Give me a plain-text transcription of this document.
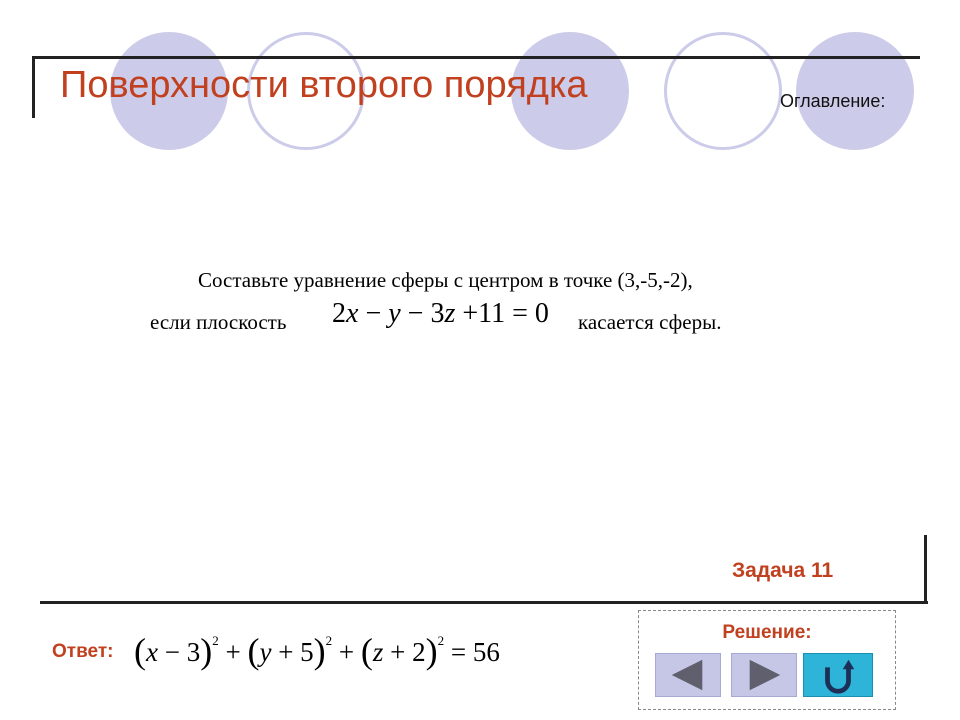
Поверхности второго порядка	Оглавление:
Составьте уравнение сферы с центром в точке (3,-5,-2),
если плоскость 2x − y − 3z +11 = 0 касается сферы.
Задача 11
Ответ: $(x - 3)^2 + (y + 5)^2 + (z + 2)^2 = 56$
Решение:
